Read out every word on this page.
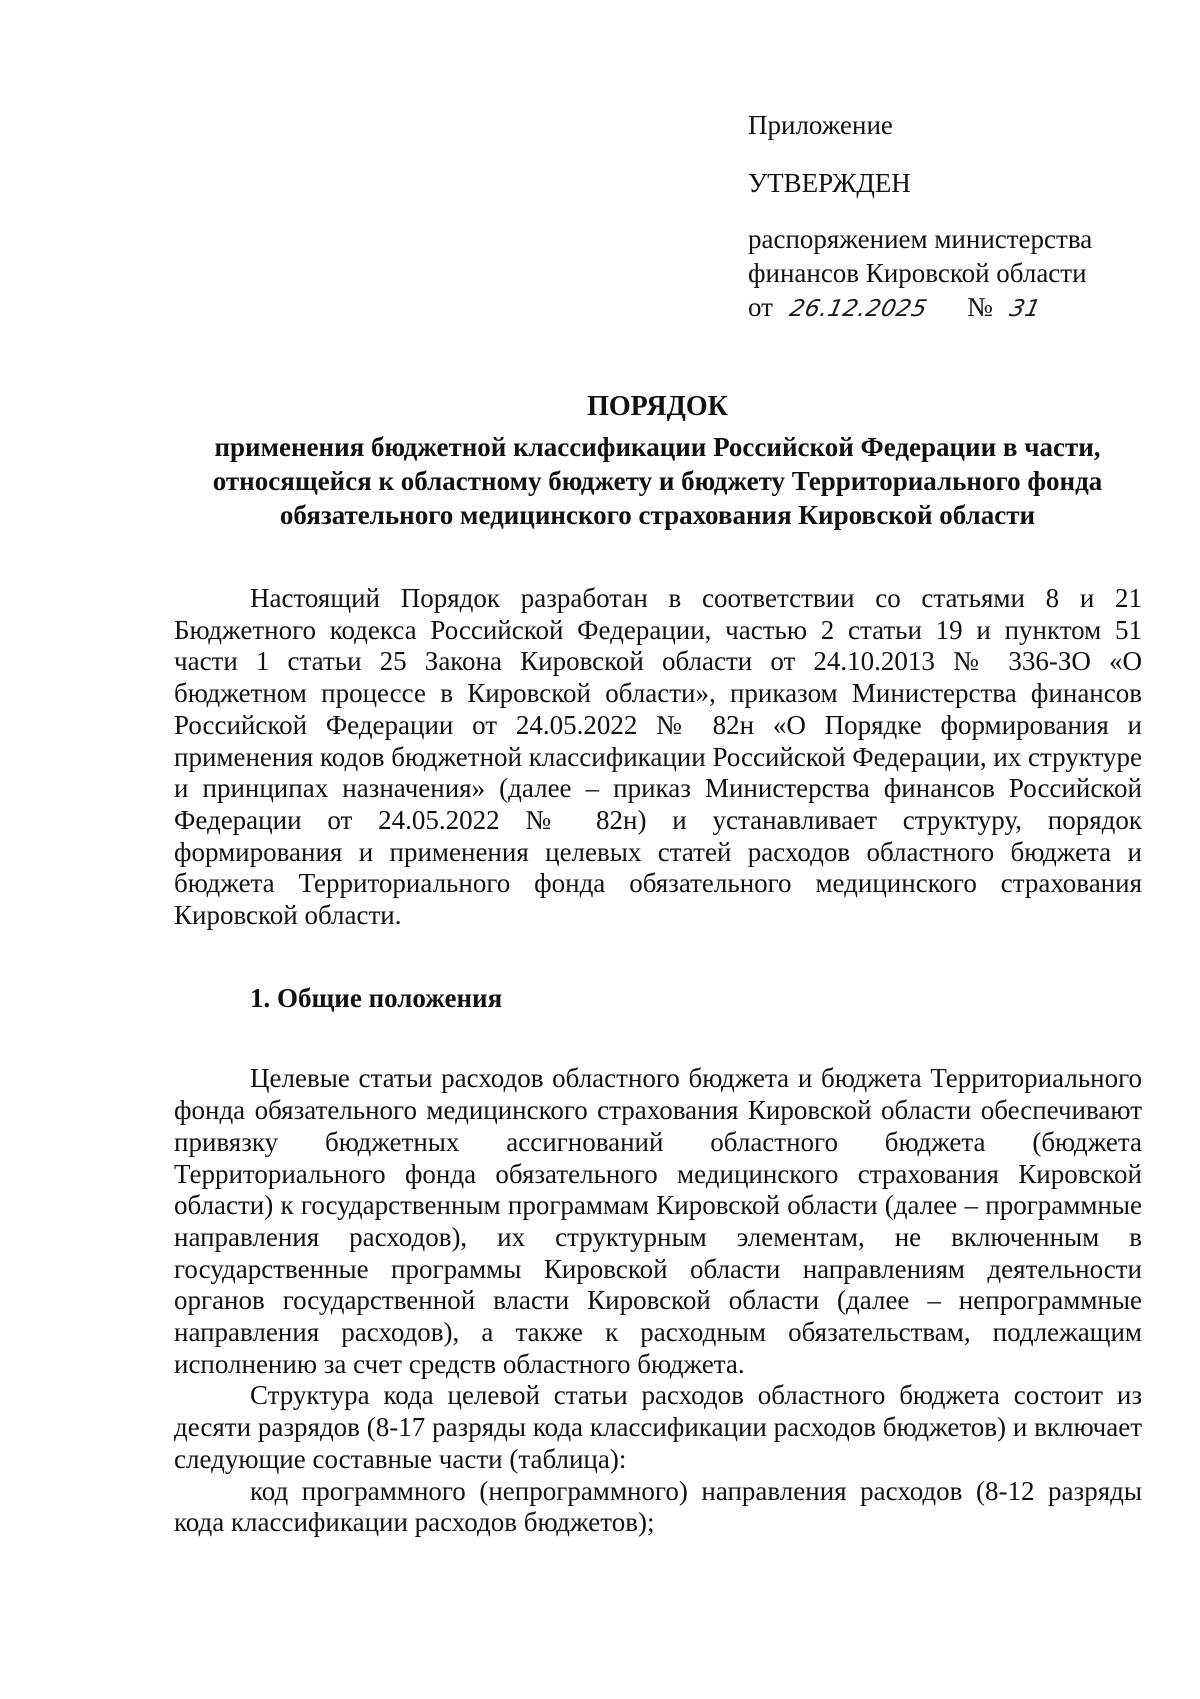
Приложение

УТВЕРЖДЕН

распоряжением министерства финансов Кировской области

от 26.12.2025 № 31

ПОРЯДОК

применения бюджетной классификации Российской Федерации в части, относящейся к областному бюджету и бюджету Территориального фонда обязательного медицинского страхования Кировской области

Настоящий Порядок разработан в соответствии со статьями 8 и 21 Бюджетного кодекса Российской Федерации, частью 2 статьи 19 и пунктом 51 части 1 статьи 25 Закона Кировской области от 24.10.2013 № 336-ЗО «О бюджетном процессе в Кировской области», приказом Министерства финансов Российской Федерации от 24.05.2022 № 82н «О Порядке формирования и применения кодов бюджетной классификации Российской Федерации, их структуре и принципах назначения» (далее – приказ Министерства финансов Российской Федерации от 24.05.2022 № 82н) и устанавливает структуру, порядок формирования и применения целевых статей расходов областного бюджета и бюджета Территориального фонда обязательного медицинского страхования Кировской области.

1. Общие положения

Целевые статьи расходов областного бюджета и бюджета Территориального фонда обязательного медицинского страхования Кировской области обеспечивают привязку бюджетных ассигнований областного бюджета (бюджета Территориального фонда обязательного медицинского страхования Кировской области) к государственным программам Кировской области (далее – программные направления расходов), их структурным элементам, не включенным в государственные программы Кировской области направлениям деятельности органов государственной власти Кировской области (далее – непрограммные направления расходов), а также к расходным обязательствам, подлежащим исполнению за счет средств областного бюджета.

Структура кода целевой статьи расходов областного бюджета состоит из десяти разрядов (8-17 разряды кода классификации расходов бюджетов) и включает следующие составные части (таблица):

код программного (непрограммного) направления расходов (8-12 разряды кода классификации расходов бюджетов);
